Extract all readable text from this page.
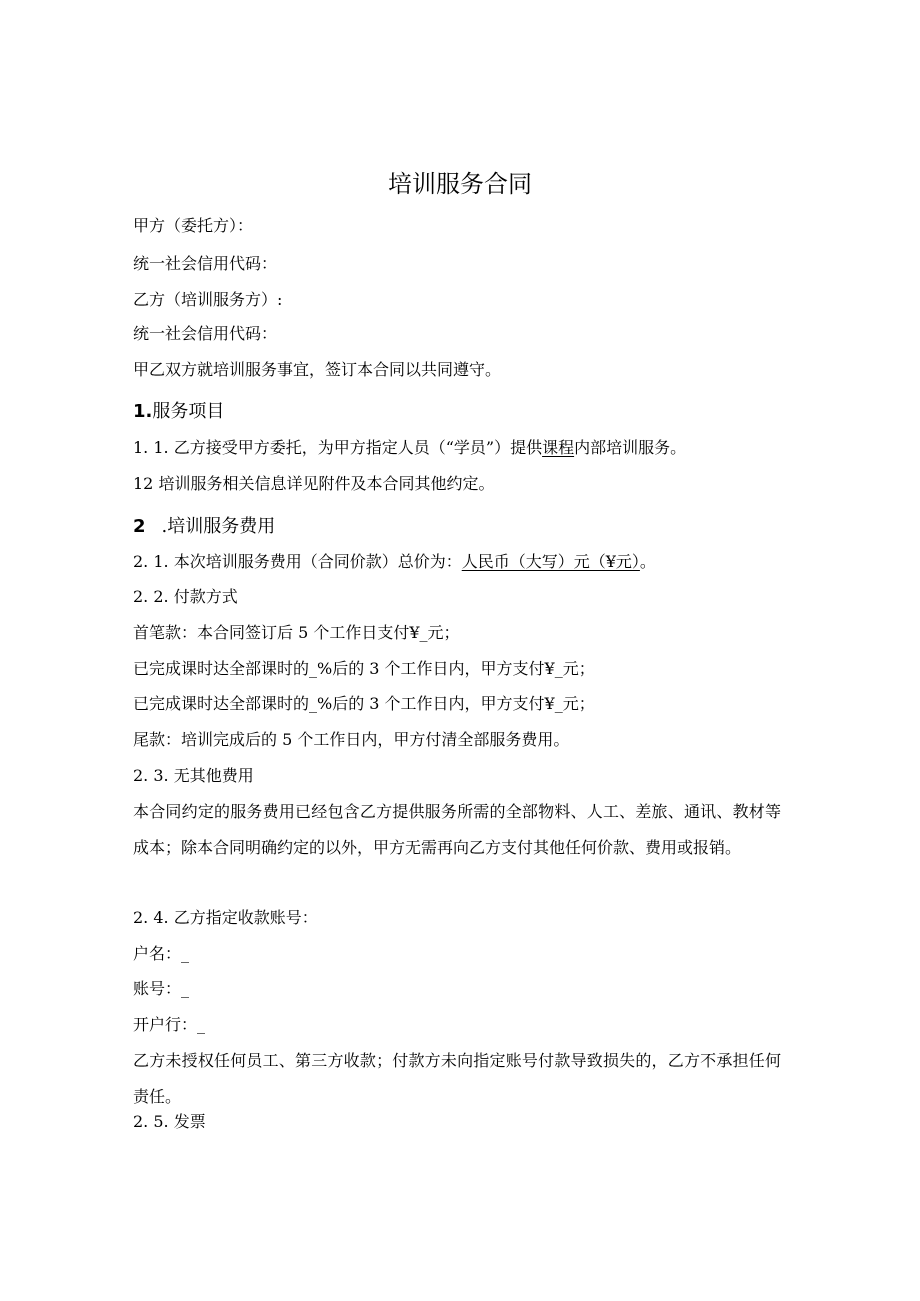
培训服务合同
甲方（委托方）：
统一社会信用代码：
乙方（培训服务方）:
统一社会信用代码：
甲乙双方就培训服务事宜，签订本合同以共同遵守。
1.服务项目
1. 1. 乙方接受甲方委托，为甲方指定人员（“学员”）提供课程内部培训服务。
12 培训服务相关信息详见附件及本合同其他约定。
2 .培训服务费用
2. 1. 本次培训服务费用（合同价款）总价为：人民币（大写）元（¥元）。
2. 2. 付款方式
首笔款：本合同签订后 5 个工作日支付¥_元；
已完成课时达全部课时的_%后的 3 个工作日内，甲方支付¥_元；
已完成课时达全部课时的_%后的 3 个工作日内，甲方支付¥_元；
尾款：培训完成后的 5 个工作日内，甲方付清全部服务费用。
2. 3. 无其他费用
本合同约定的服务费用已经包含乙方提供服务所需的全部物料、人工、差旅、通讯、教材等成本；除本合同明确约定的以外，甲方无需再向乙方支付其他任何价款、费用或报销。
2. 4. 乙方指定收款账号：
户名：_
账号：_
开户行：_
乙方未授权任何员工、第三方收款；付款方未向指定账号付款导致损失的，乙方不承担任何责任。
2. 5. 发票
